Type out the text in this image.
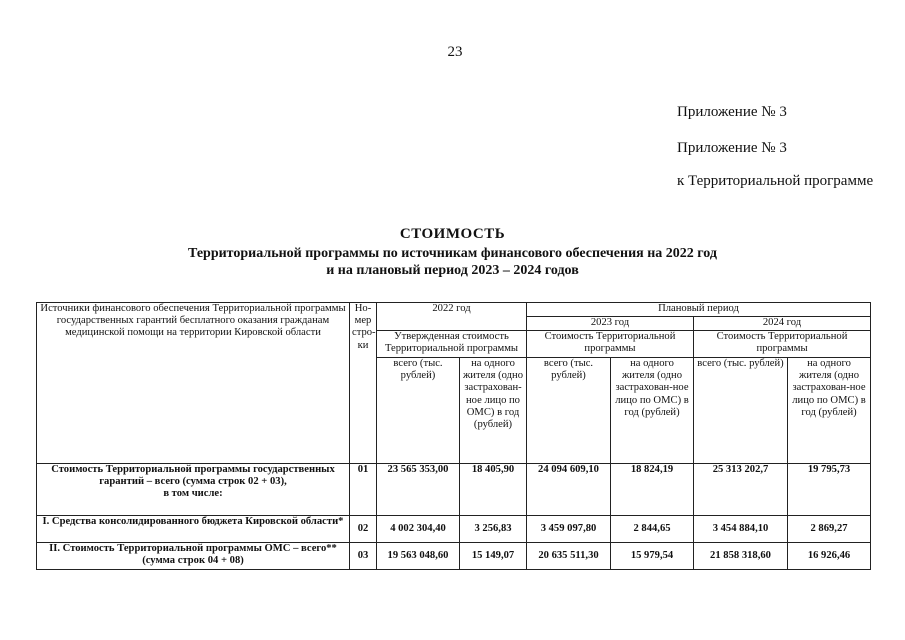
23
Приложение № 3
Приложение № 3
к Территориальной программе
СТОИМОСТЬ
Территориальной программы по источникам финансового обеспечения на 2022 год
и на плановый период 2023 – 2024 годов
Источники финансового обеспечения Территориальной программы государственных гарантий бесплатного оказания гражданам медицинской помощи на территории Кировской области	Но-мер стро-ки	2022 год		Плановый период			
				2023 год		2024 год	
		Утвержденная стоимость Территориальной программы		Стоимость Территориальной программы		Стоимость Территориальной программы	
		всего (тыс. рублей)	на одного жителя (одно застрахован-ное лицо по ОМС) в год (рублей)	всего (тыс. рублей)	на одного жителя (одно застрахован-ное лицо по ОМС) в год (рублей)	всего (тыс. рублей)	на одного жителя (одно застрахован-ное лицо по ОМС) в год (рублей)
Стоимость Территориальной программы государственных гарантий – всего (сумма строк 02 + 03),
в том числе:	01	23 565 353,00	18 405,90	24 094 609,10	18 824,19	25 313 202,7	19 795,73
I. Средства консолидированного бюджета Кировской области*	02	4 002 304,40	3 256,83	3 459 097,80	2 844,65	3 454 884,10	2 869,27
II. Стоимость Территориальной программы ОМС – всего** (сумма строк 04 + 08)	03	19 563 048,60	15 149,07	20 635 511,30	15 979,54	21 858 318,60	16 926,46
